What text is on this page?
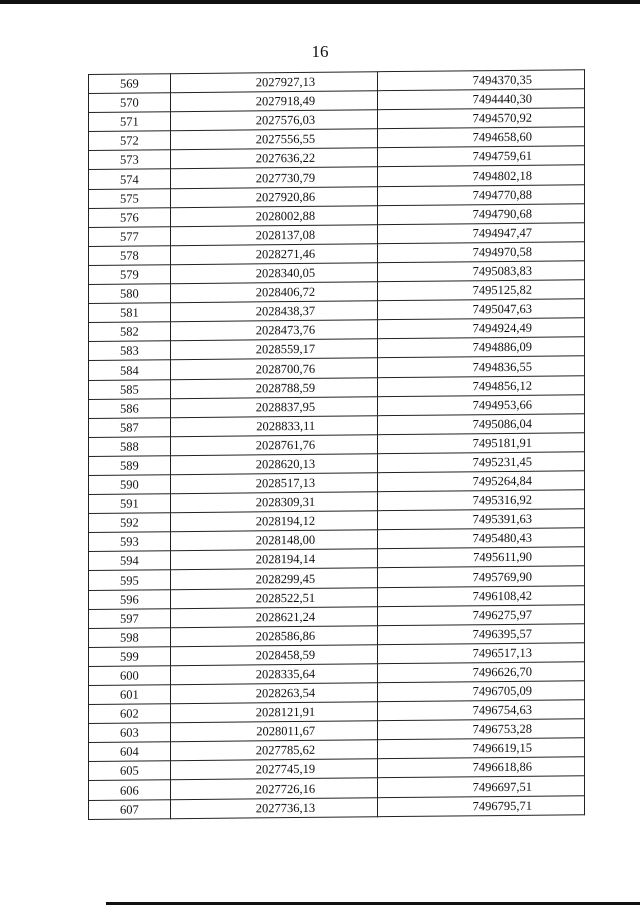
16
569	2027927,13	7494370,35
570	2027918,49	7494440,30
571	2027576,03	7494570,92
572	2027556,55	7494658,60
573	2027636,22	7494759,61
574	2027730,79	7494802,18
575	2027920,86	7494770,88
576	2028002,88	7494790,68
577	2028137,08	7494947,47
578	2028271,46	7494970,58
579	2028340,05	7495083,83
580	2028406,72	7495125,82
581	2028438,37	7495047,63
582	2028473,76	7494924,49
583	2028559,17	7494886,09
584	2028700,76	7494836,55
585	2028788,59	7494856,12
586	2028837,95	7494953,66
587	2028833,11	7495086,04
588	2028761,76	7495181,91
589	2028620,13	7495231,45
590	2028517,13	7495264,84
591	2028309,31	7495316,92
592	2028194,12	7495391,63
593	2028148,00	7495480,43
594	2028194,14	7495611,90
595	2028299,45	7495769,90
596	2028522,51	7496108,42
597	2028621,24	7496275,97
598	2028586,86	7496395,57
599	2028458,59	7496517,13
600	2028335,64	7496626,70
601	2028263,54	7496705,09
602	2028121,91	7496754,63
603	2028011,67	7496753,28
604	2027785,62	7496619,15
605	2027745,19	7496618,86
606	2027726,16	7496697,51
607	2027736,13	7496795,71
